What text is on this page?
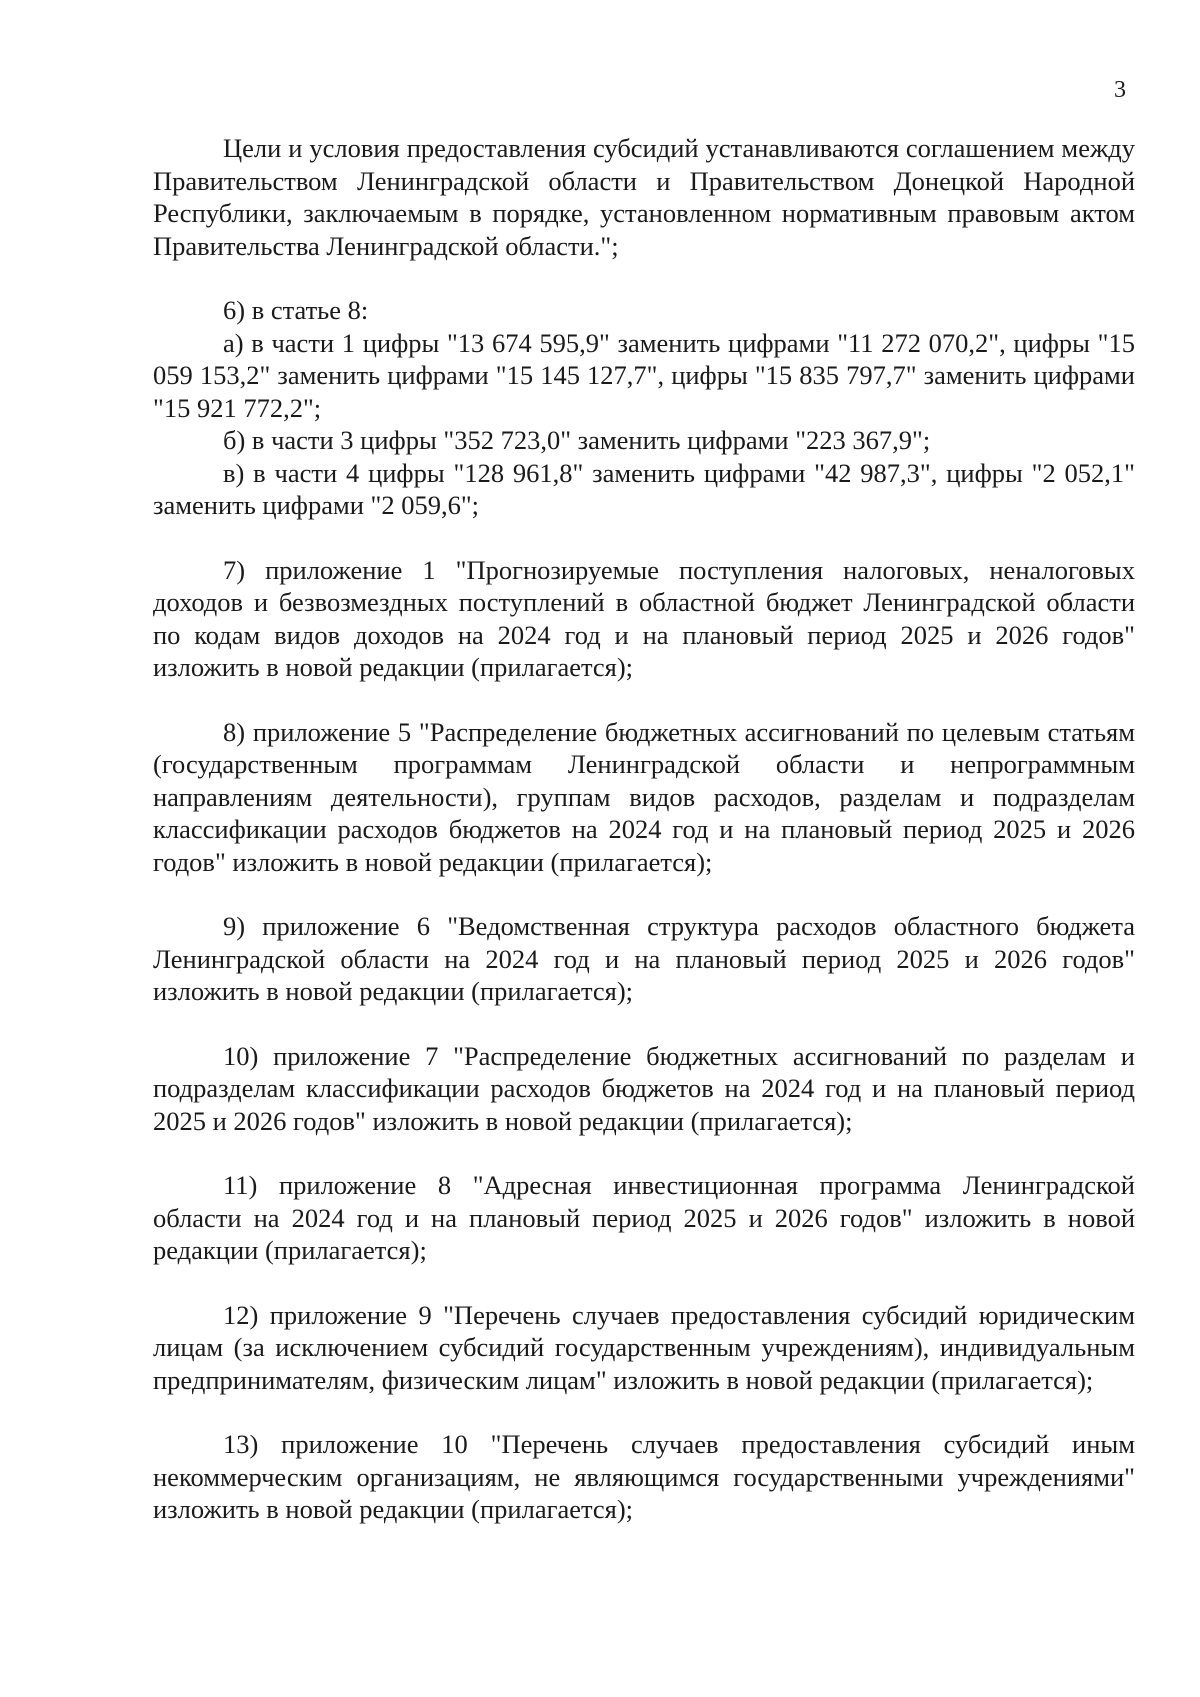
3

Цели и условия предоставления субсидий устанавливаются соглашением между Правительством Ленинградской области и Правительством Донецкой Народной Республики, заключаемым в порядке, установленном нормативным правовым актом Правительства Ленинградской области.";

6) в статье 8:

а) в части 1 цифры "13 674 595,9" заменить цифрами "11 272 070,2", цифры "15 059 153,2" заменить цифрами "15 145 127,7", цифры "15 835 797,7" заменить цифрами "15 921 772,2";

б) в части 3 цифры "352 723,0" заменить цифрами "223 367,9";

в) в части 4 цифры "128 961,8" заменить цифрами "42 987,3", цифры "2 052,1" заменить цифрами "2 059,6";

7) приложение 1 "Прогнозируемые поступления налоговых, неналоговых доходов и безвозмездных поступлений в областной бюджет Ленинградской области по кодам видов доходов на 2024 год и на плановый период 2025 и 2026 годов" изложить в новой редакции (прилагается);

8) приложение 5 "Распределение бюджетных ассигнований по целевым статьям (государственным программам Ленинградской области и непрограммным направлениям деятельности), группам видов расходов, разделам и подразделам классификации расходов бюджетов на 2024 год и на плановый период 2025 и 2026 годов" изложить в новой редакции (прилагается);

9) приложение 6 "Ведомственная структура расходов областного бюджета Ленинградской области на 2024 год и на плановый период 2025 и 2026 годов" изложить в новой редакции (прилагается);

10) приложение 7 "Распределение бюджетных ассигнований по разделам и подразделам классификации расходов бюджетов на 2024 год и на плановый период 2025 и 2026 годов" изложить в новой редакции (прилагается);

11) приложение 8 "Адресная инвестиционная программа Ленинградской области на 2024 год и на плановый период 2025 и 2026 годов" изложить в новой редакции (прилагается);

12) приложение 9 "Перечень случаев предоставления субсидий юридическим лицам (за исключением субсидий государственным учреждениям), индивидуальным предпринимателям, физическим лицам" изложить в новой редакции (прилагается);

13) приложение 10 "Перечень случаев предоставления субсидий иным некоммерческим организациям, не являющимся государственными учреждениями" изложить в новой редакции (прилагается);
